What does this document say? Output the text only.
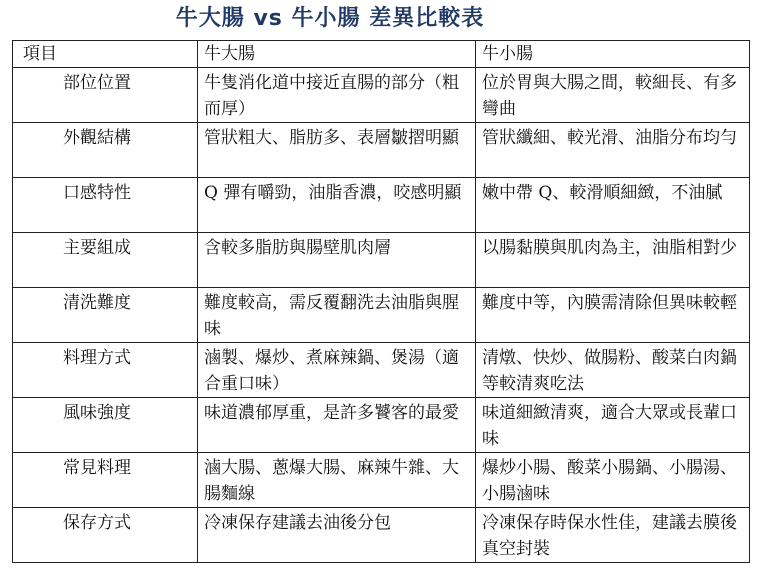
牛大腸 vs 牛小腸 差異比較表
項目	牛大腸	牛小腸
部位位置	牛隻消化道中接近直腸的部分（粗而厚）	位於胃與大腸之間，較細長、有多彎曲
外觀結構	管狀粗大、脂肪多、表層皺摺明顯	管狀纖細、較光滑、油脂分布均勻
口感特性	Q 彈有嚼勁，油脂香濃，咬感明顯	嫩中帶 Q、較滑順細緻，不油膩
主要組成	含較多脂肪與腸壁肌肉層	以腸黏膜與肌肉為主，油脂相對少
清洗難度	難度較高，需反覆翻洗去油脂與腥味	難度中等，內膜需清除但異味較輕
料理方式	滷製、爆炒、煮麻辣鍋、煲湯（適合重口味）	清燉、快炒、做腸粉、酸菜白肉鍋等較清爽吃法
風味強度	味道濃郁厚重，是許多饕客的最愛	味道細緻清爽，適合大眾或長輩口味
常見料理	滷大腸、蔥爆大腸、麻辣牛雜、大腸麵線	爆炒小腸、酸菜小腸鍋、小腸湯、小腸滷味
保存方式	冷凍保存建議去油後分包	冷凍保存時保水性佳，建議去膜後真空封裝
